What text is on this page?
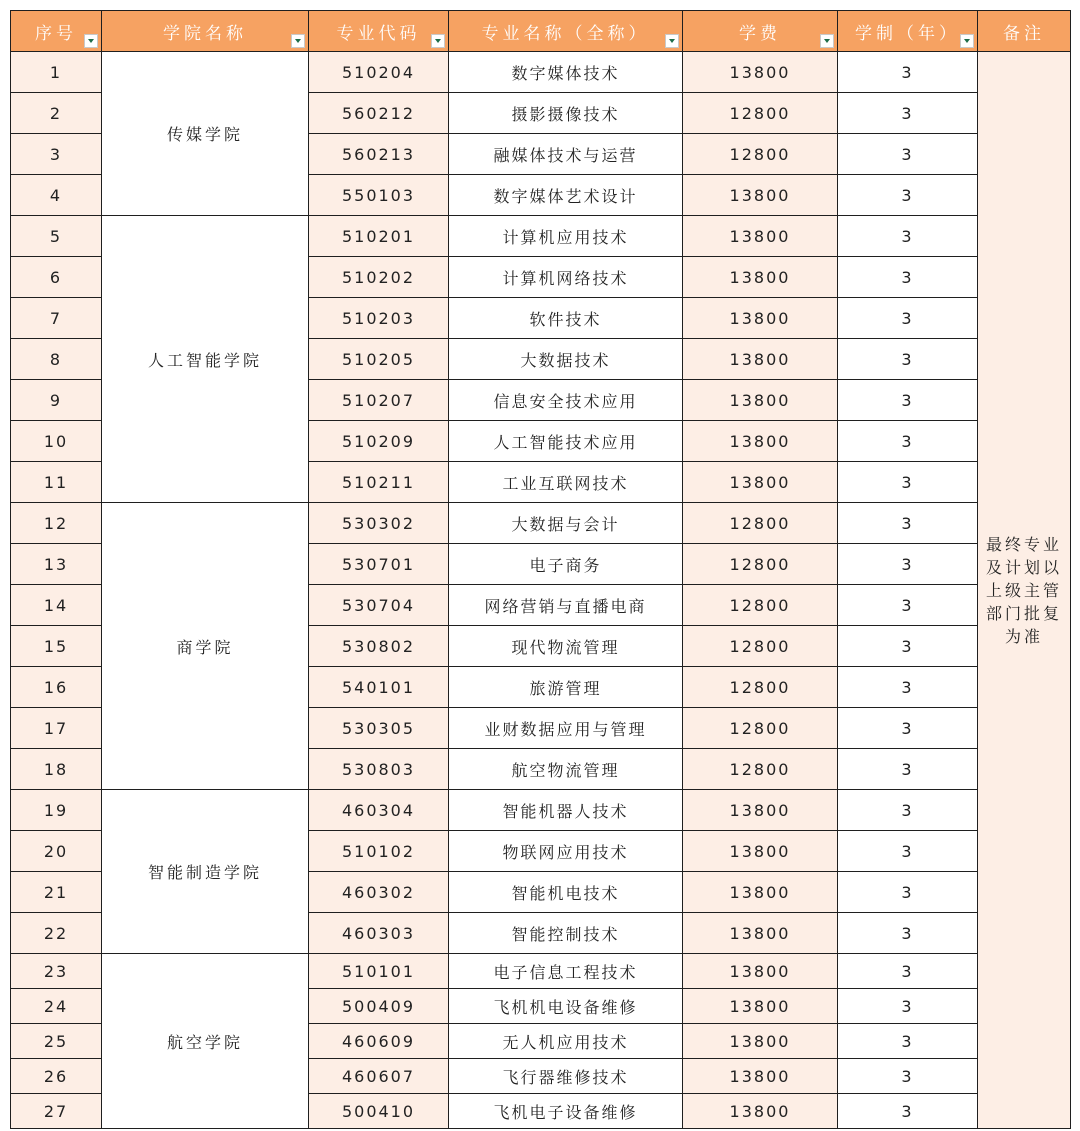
序号	学院名称	专业代码	专业名称（全称）	学费	学制（年）	备注
1	传媒学院	510204	数字媒体技术	13800	3	最终专业及计划以上级主管部门批复为准
2		560212	摄影摄像技术	12800	3	
3		560213	融媒体技术与运营	12800	3	
4		550103	数字媒体艺术设计	13800	3	
5	人工智能学院	510201	计算机应用技术	13800	3	
6		510202	计算机网络技术	13800	3	
7		510203	软件技术	13800	3	
8		510205	大数据技术	13800	3	
9		510207	信息安全技术应用	13800	3	
10		510209	人工智能技术应用	13800	3	
11		510211	工业互联网技术	13800	3	
12	商学院	530302	大数据与会计	12800	3	
13		530701	电子商务	12800	3	
14		530704	网络营销与直播电商	12800	3	
15		530802	现代物流管理	12800	3	
16		540101	旅游管理	12800	3	
17		530305	业财数据应用与管理	12800	3	
18		530803	航空物流管理	12800	3	
19	智能制造学院	460304	智能机器人技术	13800	3	
20		510102	物联网应用技术	13800	3	
21		460302	智能机电技术	13800	3	
22		460303	智能控制技术	13800	3	
23	航空学院	510101	电子信息工程技术	13800	3	
24		500409	飞机机电设备维修	13800	3	
25		460609	无人机应用技术	13800	3	
26		460607	飞行器维修技术	13800	3	
27		500410	飞机电子设备维修	13800	3	
